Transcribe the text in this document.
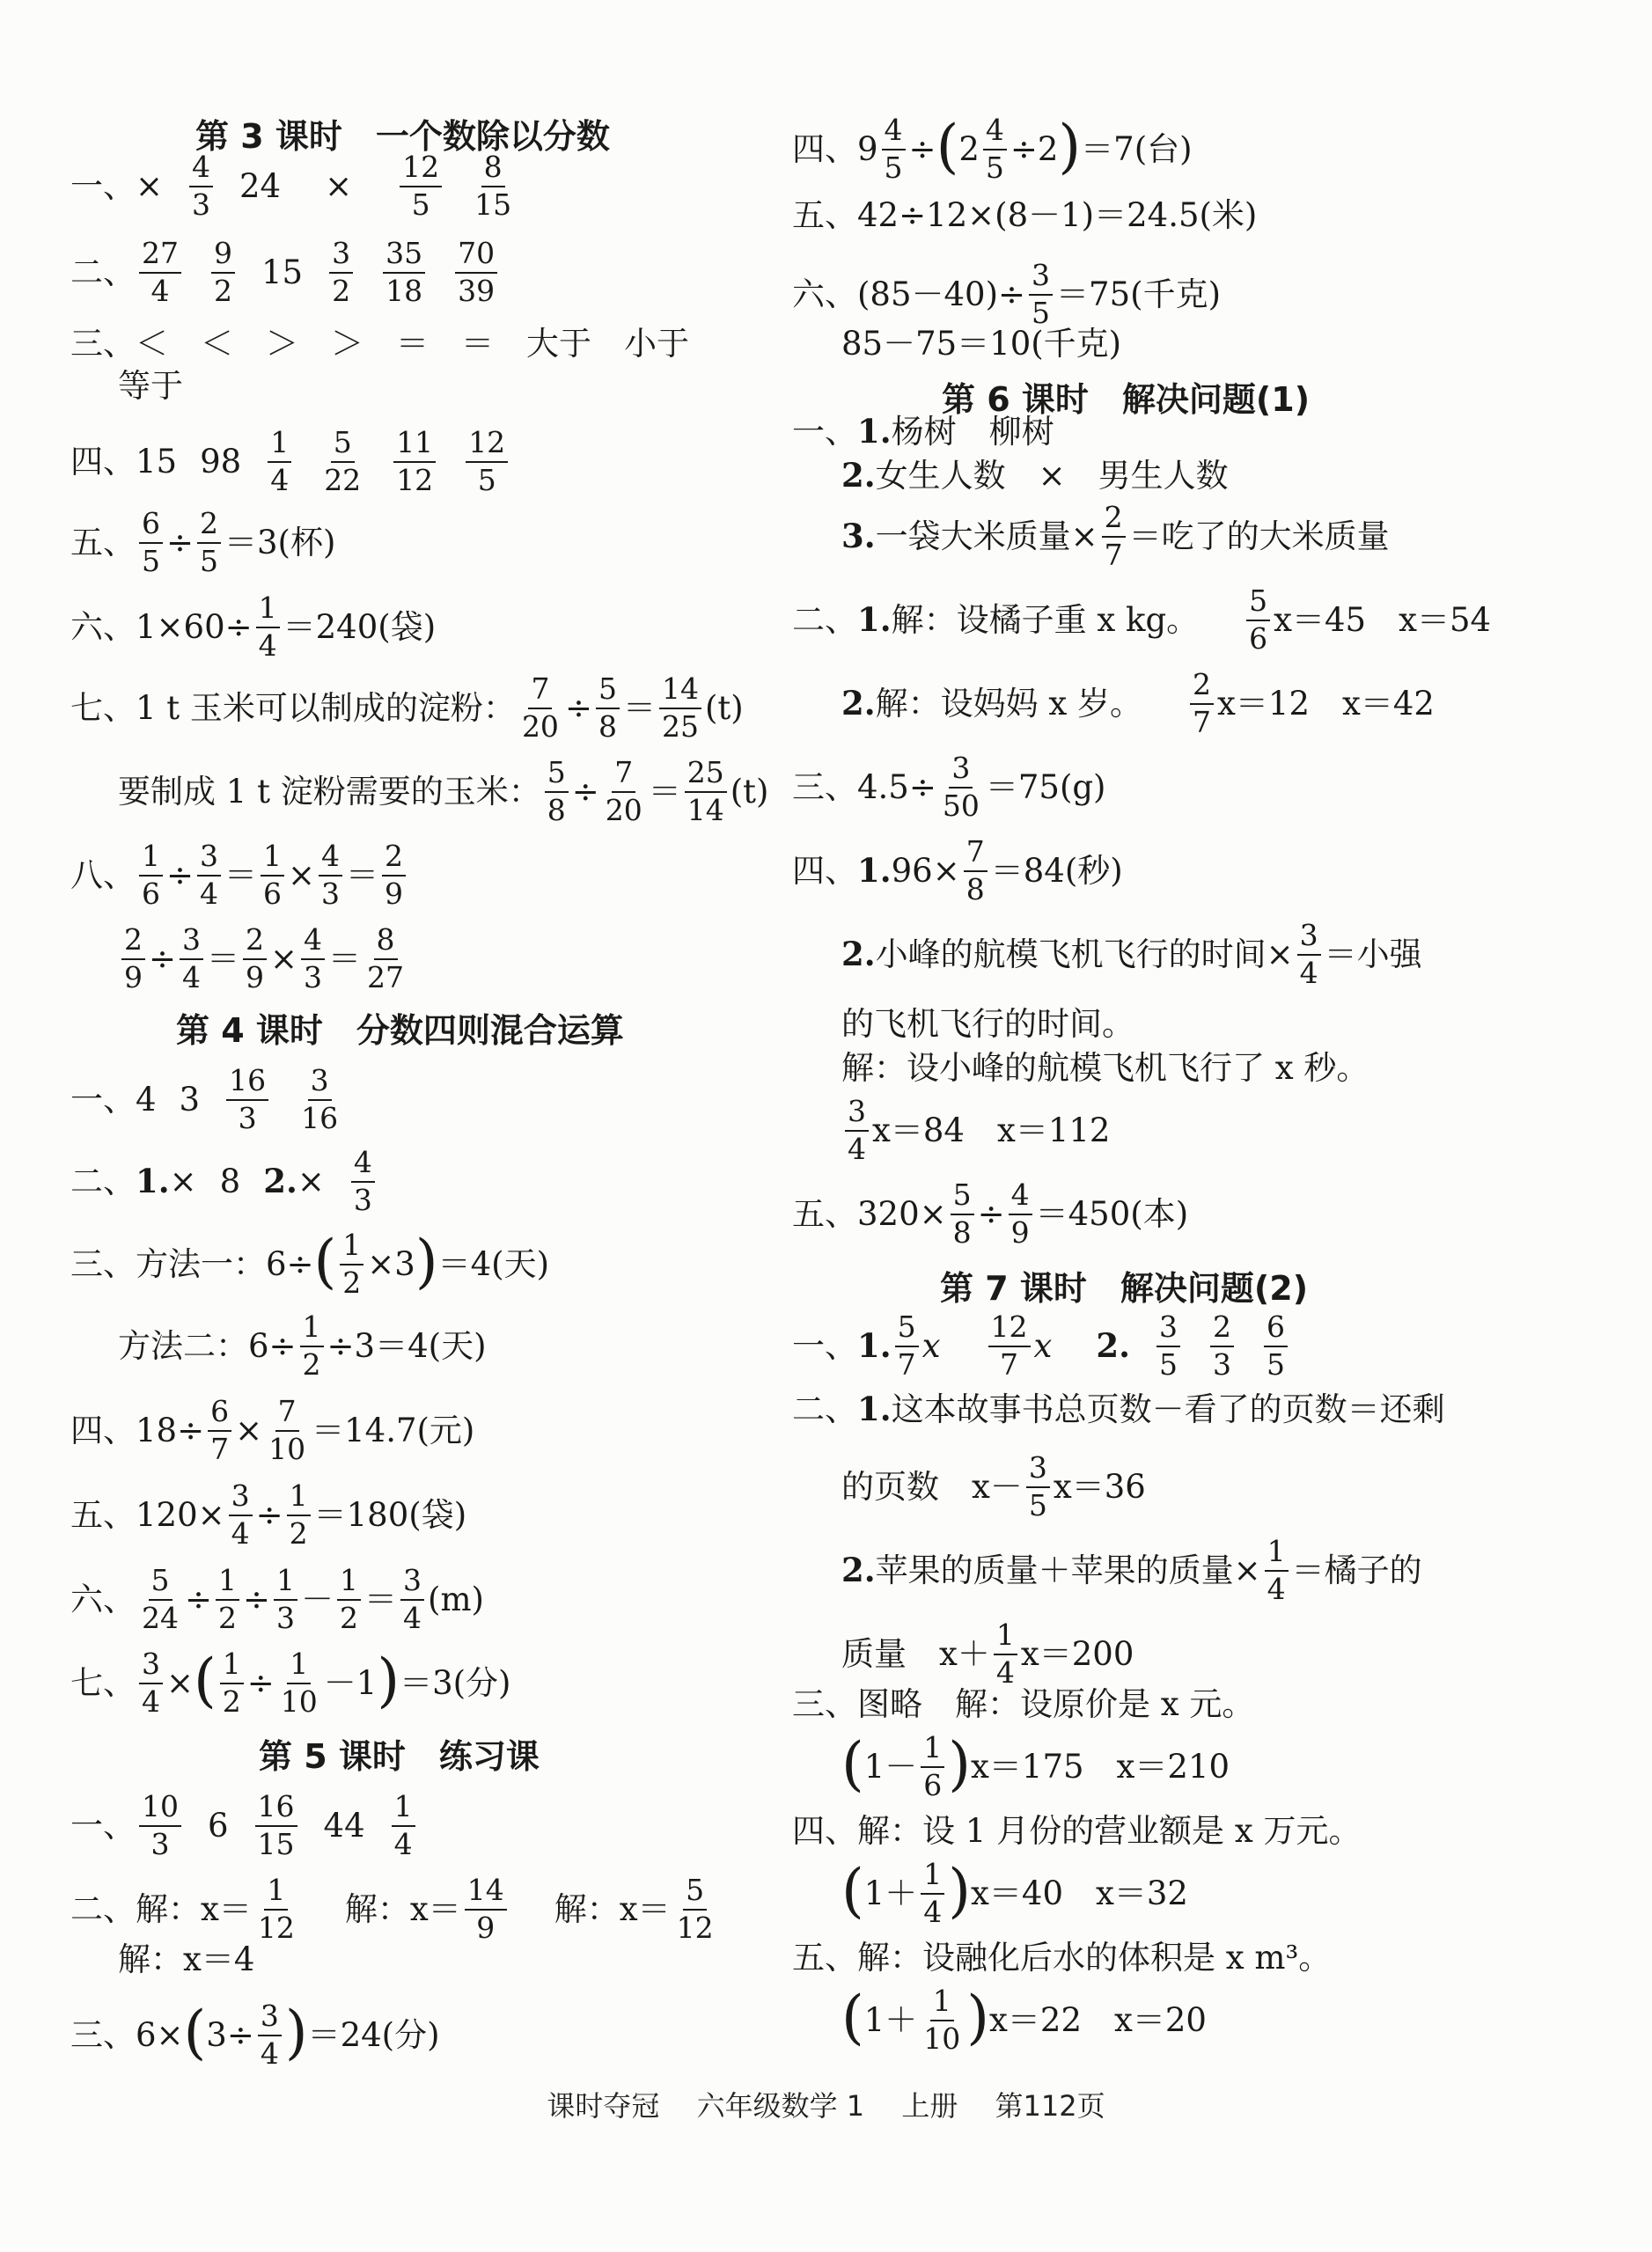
第 3 课时　一个数除以分数
一、 ×
4
3 24 ×
12
5
8
15
二、
27
4
9
2 15
3
2
35
18
70
39
三、＜　＜　＞　＞　＝　＝　大于　小于
等于
四、 15 98
1
4
5
22
11
12
12
5
五、 $\frac{6}{5} \div \frac{2}{5} =3$(杯)
六、$1\times 60\div \frac{1}{4} =240$(袋)
七、1 t 玉米可以制成的淀粉： $\frac{7}{20} \div \frac{5}{8}$ ＝
14
25 (t)
要制成 1 t 淀粉需要的玉米： $\frac{5}{8} \div \frac{7}{20}$ ＝
25
14 (t)
八、 $\frac{1}{6} \div \frac{3}{4} = \frac{1}{6} \times \frac{4}{3}$ ＝
2
9
$\frac{2}{9} \div \frac{3}{4} = \frac{2}{9} \times \frac{4}{3}$ ＝
8
27
第 4 课时　分数四则混合运算
一、 4 3
16
3
3
16
二、 1. × 8 2. ×
4
3
三、方法一：6÷ ( $\frac{1}{2} \times 3$ ) ＝4(天)
方法二：$6\div \frac{1}{2} \div 3=4$(天)
四、$18\div \frac{6}{7} \times \frac{7}{10} =14.7$(元)
五、$120\times \frac{3}{4} \div \frac{1}{2} =180$(袋)
六、 $\frac{5}{24} \div \frac{1}{2} \div \frac{1}{3}$ －
1
2 ＝
3
4 (m)
七、 $\frac{3}{4}$ × ( $\frac{1}{2} \div \frac{1}{10} -1$ ) ＝3(分)
第 5 课时　练习课
一、
10
3 6
16
15 44
1
4
二、解：x＝
1
12 解：x＝
14
9 解：x＝
5
12
解：x＝4
三、6× ( $3\div \frac{3}{4}$ ) ＝24(分)
四、$9 \frac{4}{5}$ ÷ ( $2 \frac{4}{5} \div 2$ ) ＝7(台)
五、42÷12×(8－1)＝24.5(米)
六、$(85-40)\div \frac{3}{5} =75$(千克)
85－75＝10(千克)
第 6 课时　解决问题(1)
一、 1. 杨树　柳树
2. 女生人数　×　男生人数
3. 一袋大米质量× $\frac{2}{7}$ ＝吃了的大米质量
二、 1. 解：设橘子重 x kg。
5
6 x＝45　x＝54
2. 解：设妈妈 x 岁。
2
7 x＝12　x＝42
三、$4.5\div \frac{3}{50} =75(g)$
四、 1. $96\times \frac{7}{8} =84$(秒)
2. 小峰的航模飞机飞行的时间× $\frac{3}{4}$ ＝小强
的飞机飞行的时间。
解：设小峰的航模飞机飞行了 x 秒。
3
4 x＝84　x＝112
五、$320\times \frac{5}{8} \div \frac{4}{9} =450$(本)
第 7 课时　解决问题(2)
一、 1. 5
7 x
12
7 x 2. 3
5
2
3
6
5
二、 1. 这本故事书总页数－看了的页数＝还剩
的页数　x－
3
5 x＝36
2. 苹果的质量＋苹果的质量× $\frac{1}{4}$ ＝橘子的
质量　x＋
1
4 x＝200
三、图略　解：设原价是 x 元。
( 1－
1
6 ) x＝175　x＝210
四、解：设 1 月份的营业额是 x 万元。
( 1＋
1
4 ) x＝40　x＝32
五、解：设融化后水的体积是 x m³。
( 1＋
1
10 ) x＝22　x＝20
课时夺冠 六年级数学 1 上册 第112页
